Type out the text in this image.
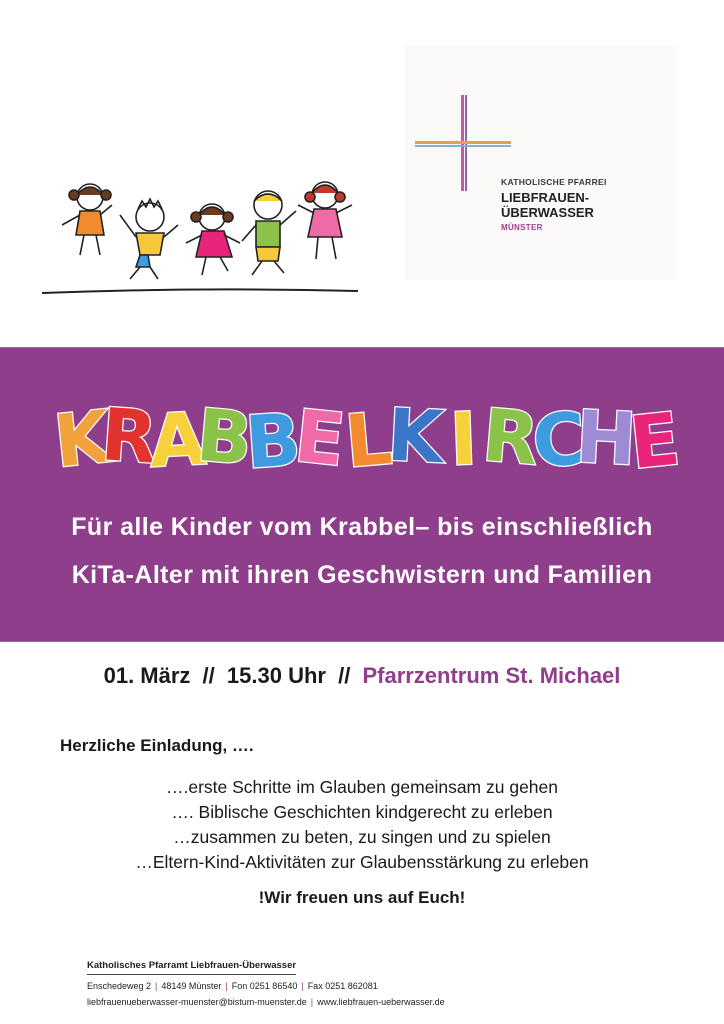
KATHOLISCHE PFARREI
LIEBFRAUEN-ÜBERWASSER
MÜNSTER
K
R
A
B
B
E
L
K I R
C
H
E
Für alle Kinder vom Krabbel– bis einschließlich
KiTa-Alter mit ihren Geschwistern und Familien
01. März // 15.30 Uhr // Pfarrzentrum St. Michael
Herzliche Einladung, ….
….erste Schritte im Glauben gemeinsam zu gehen
…. Biblische Geschichten kindgerecht zu erleben
…zusammen zu beten, zu singen und zu spielen
…Eltern-Kind-Aktivitäten zur Glaubensstärkung zu erleben
!Wir freuen uns auf Euch!
Katholisches Pfarramt Liebfrauen-Überwasser
Enschedeweg 2 | 48149 Münster | Fon 0251 86540 | Fax 0251 862081
liebfrauenueberwasser-muenster@bistum-muenster.de | www.liebfrauen-ueberwasser.de
